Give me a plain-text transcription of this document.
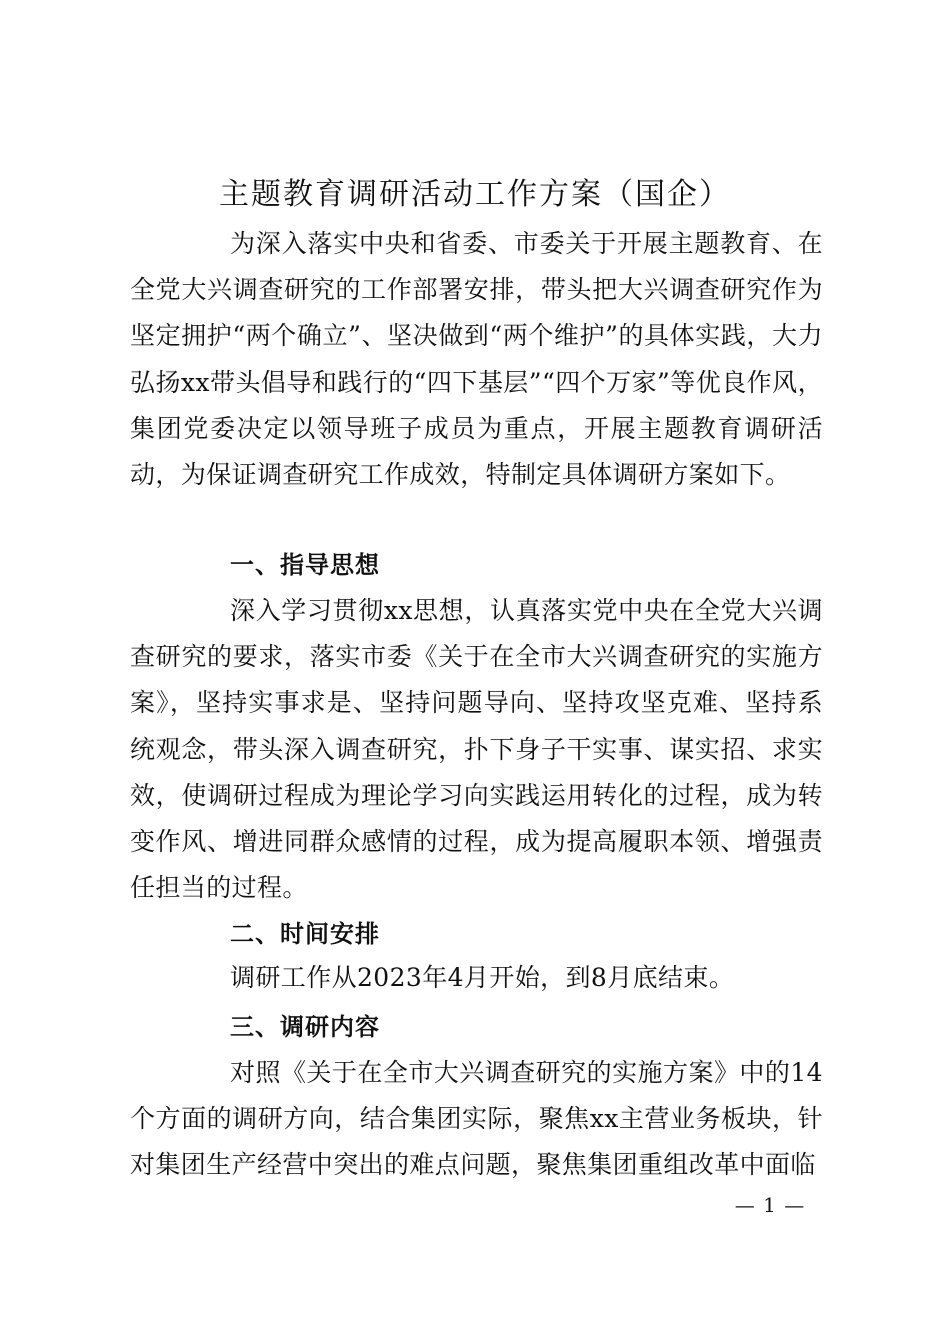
主题教育调研活动工作方案（国企）
为深入落实中央和省委、市委关于开展主题教育、在全党大兴调查研究的工作部署安排，带头把大兴调查研究作为坚定拥护“两个确立”、坚决做到“两个维护”的具体实践，大力弘扬xx带头倡导和践行的“四下基层”“四个万家”等优良作风，集团党委决定以领导班子成员为重点，开展主题教育调研活动，为保证调查研究工作成效，特制定具体调研方案如下。
一、指导思想
深入学习贯彻xx思想，认真落实党中央在全党大兴调查研究的要求，落实市委《关于在全市大兴调查研究的实施方案》，坚持实事求是、坚持问题导向、坚持攻坚克难、坚持系统观念，带头深入调查研究，扑下身子干实事、谋实招、求实效，使调研过程成为理论学习向实践运用转化的过程，成为转变作风、增进同群众感情的过程，成为提高履职本领、增强责任担当的过程。
二、时间安排
调研工作从2023年4月开始，到8月底结束。
三、调研内容
对照《关于在全市大兴调查研究的实施方案》中的14个方面的调研方向，结合集团实际，聚焦xx主营业务板块，针对集团生产经营中突出的难点问题，聚焦集团重组改革中面临
— 1 —
